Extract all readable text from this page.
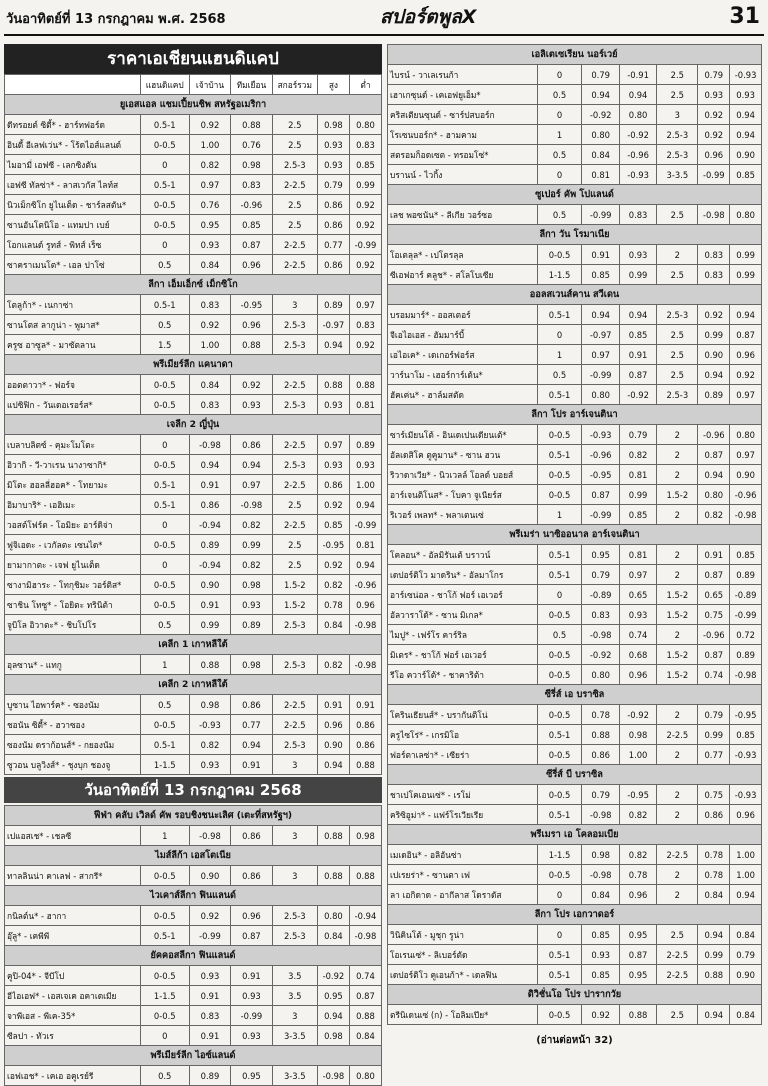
วันอาทิตย์ที่ 13 กรกฎาคม พ.ศ. 2568	สปอร์ตพูลX	31
ราคาเอเชียนแฮนดิแคป
	แฮนดิแคป	เจ้าบ้าน	ทีมเยือน	สกอร์รวม	สูง	ต่ำ
ยูเอสแอล แชมเปี้ยนชิพ สหรัฐอเมริกา						
ดีทรอยต์ ซิตี้* - ฮาร์ทฟอร์ด	0.5-1	0.92	0.88	2.5	0.98	0.80
อินดี้ อีเลฟเว่น* - โร้ดไอส์แลนด์	0-0.5	1.00	0.76	2.5	0.93	0.83
ไมอามี่ เอฟซี - เลกซิงตัน	0	0.82	0.98	2.5-3	0.93	0.85
เอฟซี ทัลซ่า* - ลาสเวกัส ไลท์ส	0.5-1	0.97	0.83	2-2.5	0.79	0.99
นิวเม็กซิโก ยูไนเต็ด - ชาร์ลสตัน*	0-0.5	0.76	-0.96	2.5	0.86	0.92
ซานอันโตนิโอ - แทมปา เบย์	0-0.5	0.95	0.85	2.5	0.86	0.92
โอกแลนด์ รูทส์ - พิทส์ เร็ซ	0	0.93	0.87	2-2.5	0.77	-0.99
ซาคราเมนโต* - เอล ปาโซ่	0.5	0.84	0.96	2-2.5	0.86	0.92
ลีกา เอ็มเอ็กซ์ เม็กซิโก						
โตลูก้า* - เนกาซ่า	0.5-1	0.83	-0.95	3	0.89	0.97
ซานโตส ลากูน่า - พูมาส*	0.5	0.92	0.96	2.5-3	-0.97	0.83
ครูซ อาซูล* - มาซัตลาน	1.5	1.00	0.88	2.5-3	0.94	0.92
พรีเมียร์ลีก แคนาดา						
ออตตาวา* - ฟอร์จ	0-0.5	0.84	0.92	2-2.5	0.88	0.88
แปซิฟิก - วันเดอเรอร์ส*	0-0.5	0.83	0.93	2.5-3	0.93	0.81
เจลีก 2 ญี่ปุ่น						
เบลาบลิตซ์ - คุมะโมโตะ	0	-0.98	0.86	2-2.5	0.97	0.89
อิวากิ - วี-วาเรน นางาซากิ*	0-0.5	0.94	0.94	2.5-3	0.93	0.93
มิโตะ ฮอลลี่ฮอค* - โทยามะ	0.5-1	0.91	0.97	2-2.5	0.86	1.00
อิมาบาริ* - เอฮิเมะ	0.5-1	0.86	-0.98	2.5	0.92	0.94
วอสต์โฟร์ต - โอมิยะ อาร์ดิจ่า	0	-0.94	0.82	2-2.5	0.85	-0.99
ฟูจิเอดะ - เวกัลตะ เซนได*	0-0.5	0.89	0.99	2.5	-0.95	0.81
ยามากาตะ - เจฟ ยูไนเต็ด	0	-0.94	0.82	2.5	0.92	0.94
ซางามิฮาระ - โทกุชิมะ วอร์ติส*	0-0.5	0.90	0.98	1.5-2	0.82	-0.96
ซาชิน โทซู* - โอยิตะ ทรินิต้า	0-0.5	0.91	0.93	1.5-2	0.78	0.96
จูบิโล อิวาตะ* - ชิบโปโร	0.5	0.99	0.89	2.5-3	0.84	-0.98
เคลีก 1 เกาหลีใต้						
อุลซาน* - แทกู	1	0.88	0.98	2.5-3	0.82	-0.98
เคลีก 2 เกาหลีใต้						
บูซาน ไอพาร์ค* - ซองนัม	0.5	0.98	0.86	2-2.5	0.91	0.91
ชอนัน ซิตี้* - ฮวาซอง	0-0.5	-0.93	0.77	2-2.5	0.96	0.86
ซองนัม ดราก้อนส์* - กยองนัม	0.5-1	0.82	0.94	2.5-3	0.90	0.86
ซูวอน บลูวิงส์* - ชุงบุก ชองจู	1-1.5	0.93	0.91	3	0.94	0.88
วันอาทิตย์ที่ 13 กรกฎาคม 2568
ฟีฟ่า คลับ เวิลด์ คัพ รอบชิงชนะเลิศ (เตะที่สหรัฐฯ)						
เปแอสเช* - เชลซี	1	-0.98	0.86	3	0.88	0.98
ไมส์ลีก้า เอสโตเนีย						
ทาลลินน่า คาเลฟ - สากรี*	0-0.5	0.90	0.86	3	0.88	0.88
ไวเคาส์ลีกา ฟินแลนด์						
กนิลต์น* - ฮากา	0-0.5	0.92	0.96	2.5-3	0.80	-0.94
อุ๊ลู* - เคพีพี	0.5-1	-0.99	0.87	2.5-3	0.84	-0.98
ยัคคอสลีกา ฟินแลนด์						
คูปิ-04* - จีบีโป	0-0.5	0.93	0.91	3.5	-0.92	0.74
อีไอเอฟ* - เอสเจเค อคาเดเมีย	1-1.5	0.91	0.93	3.5	0.95	0.87
จาพีเอส - พีเค-35*	0-0.5	0.83	-0.99	3	0.94	0.88
ซีลปา - ทัวเร	0	0.91	0.93	3-3.5	0.98	0.84
พรีเมียร์ลีก ไอซ์แลนด์						
เอฟเอช* - เคเอ อคูเรย์รี	0.5	0.89	0.95	3-3.5	-0.98	0.80
เอลิเตเซเรียน นอร์เวย์						
ไบรน์ - วาเลเรนก้า	0	0.79	-0.91	2.5	0.79	-0.93
เฮาเกซุนด์ - เคเอฟยูเอ็ม*	0.5	0.94	0.94	2.5	0.93	0.93
คริสเตียนซุนด์ - ซาร์ปสบอร์ก	0	-0.92	0.80	3	0.92	0.94
โรเซนบอร์ก* - ฮามคาม	1	0.80	-0.92	2.5-3	0.92	0.94
สตรอมก็อดเซต - ทรอมโซ่*	0.5	0.84	-0.96	2.5-3	0.96	0.90
บรานน์ - ไวกิ้ง	0	0.81	-0.93	3-3.5	-0.99	0.85
ซูเปอร์ คัพ โปแลนด์						
เลช พอซนัน* - ลีเกีย วอร์ซอ	0.5	-0.99	0.83	2.5	-0.98	0.80
ลีกา วัน โรมาเนีย						
โอเตลุล* - เปโตรลุล	0-0.5	0.91	0.93	2	0.83	0.99
ซีเอฟอาร์ คลูช* - สโลโบเซีย	1-1.5	0.85	0.99	2.5	0.83	0.99
ออลสเวนส์คาน สวีเดน						
บรอมมาร์* - ออสเตอร์	0.5-1	0.94	0.94	2.5-3	0.92	0.94
จีเอไอเอส - ฮัมมาร์บี้	0	-0.97	0.85	2.5	0.99	0.87
เอไอเค* - เดเกอร์ฟอร์ส	1	0.97	0.91	2.5	0.90	0.96
วาร์นาโม - เฮอร์การ์เด้น*	0.5	-0.99	0.87	2.5	0.94	0.92
ฮัคเค่น* - ฮาล์มสตัด	0.5-1	0.80	-0.92	2.5-3	0.89	0.97
ลีกา โปร อาร์เจนตินา						
ซาร์เมียนโต้ - อินเดเปนเดียนเต้*	0-0.5	-0.93	0.79	2	-0.96	0.80
อัลเดสิโค ตูคูมาน* - ซาน ฮวน	0.5-1	-0.96	0.82	2	0.87	0.97
ริวาดาเวีย* - นิวเวลล์ โอลด์ บอยส์	0-0.5	-0.95	0.81	2	0.94	0.90
อาร์เจนติโนส* - โบคา จูเนียร์ส	0-0.5	0.87	0.99	1.5-2	0.80	-0.96
ริเวอร์ เพลท* - พลาเตนเซ่	1	-0.99	0.85	2	0.82	-0.98
พรีเมร่า นาซิออนาล อาร์เจนตินา						
โคลอน* - อัลมิรันเต้ บราวน์	0.5-1	0.95	0.81	2	0.91	0.85
เดปอร์ติโว มาดริน* - อัลมาโกร	0.5-1	0.79	0.97	2	0.87	0.89
อาร์เซน่อล - ชาโก้ ฟอร์ เอเวอร์	0	-0.89	0.65	1.5-2	0.65	-0.89
อัลวาราโด้* - ซาน มิเกล*	0-0.5	0.83	0.93	1.5-2	0.75	-0.99
ไมปู* - เฟร์โร คาร์ริล	0.5	-0.98	0.74	2	-0.96	0.72
มิเตร* - ชาโก้ ฟอร์ เอเวอร์	0-0.5	-0.92	0.68	1.5-2	0.87	0.89
รีโอ ควาร์โต้* - ชาคาริต้า	0-0.5	0.80	0.96	1.5-2	0.74	-0.98
ซีรี่ส์ เอ บราซิล						
โครินเธียนส์* - บรากันติโน่	0-0.5	0.78	-0.92	2	0.79	-0.95
ครูไซโร่* - เกรมิโอ	0.5-1	0.88	0.98	2-2.5	0.99	0.85
ฟอร์ตาเลซ่า* - เซียร่า	0-0.5	0.86	1.00	2	0.77	-0.93
ซีรี่ส์ บี บราซิล						
ชาเปโคเอนเซ่* - เรโม่	0-0.5	0.79	-0.95	2	0.75	-0.93
คริซิอูม่า* - แฟร์โรเวียเรีย	0.5-1	-0.98	0.82	2	0.86	0.96
พรีเมรา เอ โคลอมเบีย						
เมเดอิน* - อลิอันซ่า	1-1.5	0.98	0.82	2-2.5	0.78	1.00
เปเรยร่า* - ซานตา เฟ	0-0.5	-0.98	0.78	2	0.78	1.00
ลา เอกิดาด - อากีลาส โดราดัส	0	0.84	0.96	2	0.84	0.94
ลีกา โปร เอกวาดอร์						
วินิคินโต้ - มูชุก รูน่า	0	0.85	0.95	2.5	0.94	0.84
โอเรนเซ่* - ลิเบอร์ตัด	0.5-1	0.93	0.87	2-2.5	0.99	0.79
เดปอร์ติโว คูเอนก้า* - เดลฟิน	0.5-1	0.85	0.95	2-2.5	0.88	0.90
ดิวิชั่นโอ โปร ปารากวัย						
ตรีนิเดนเซ่ (ก) - โอลิมเปีย*	0-0.5	0.92	0.88	2.5	0.94	0.84
(อ่านต่อหน้า 32)
